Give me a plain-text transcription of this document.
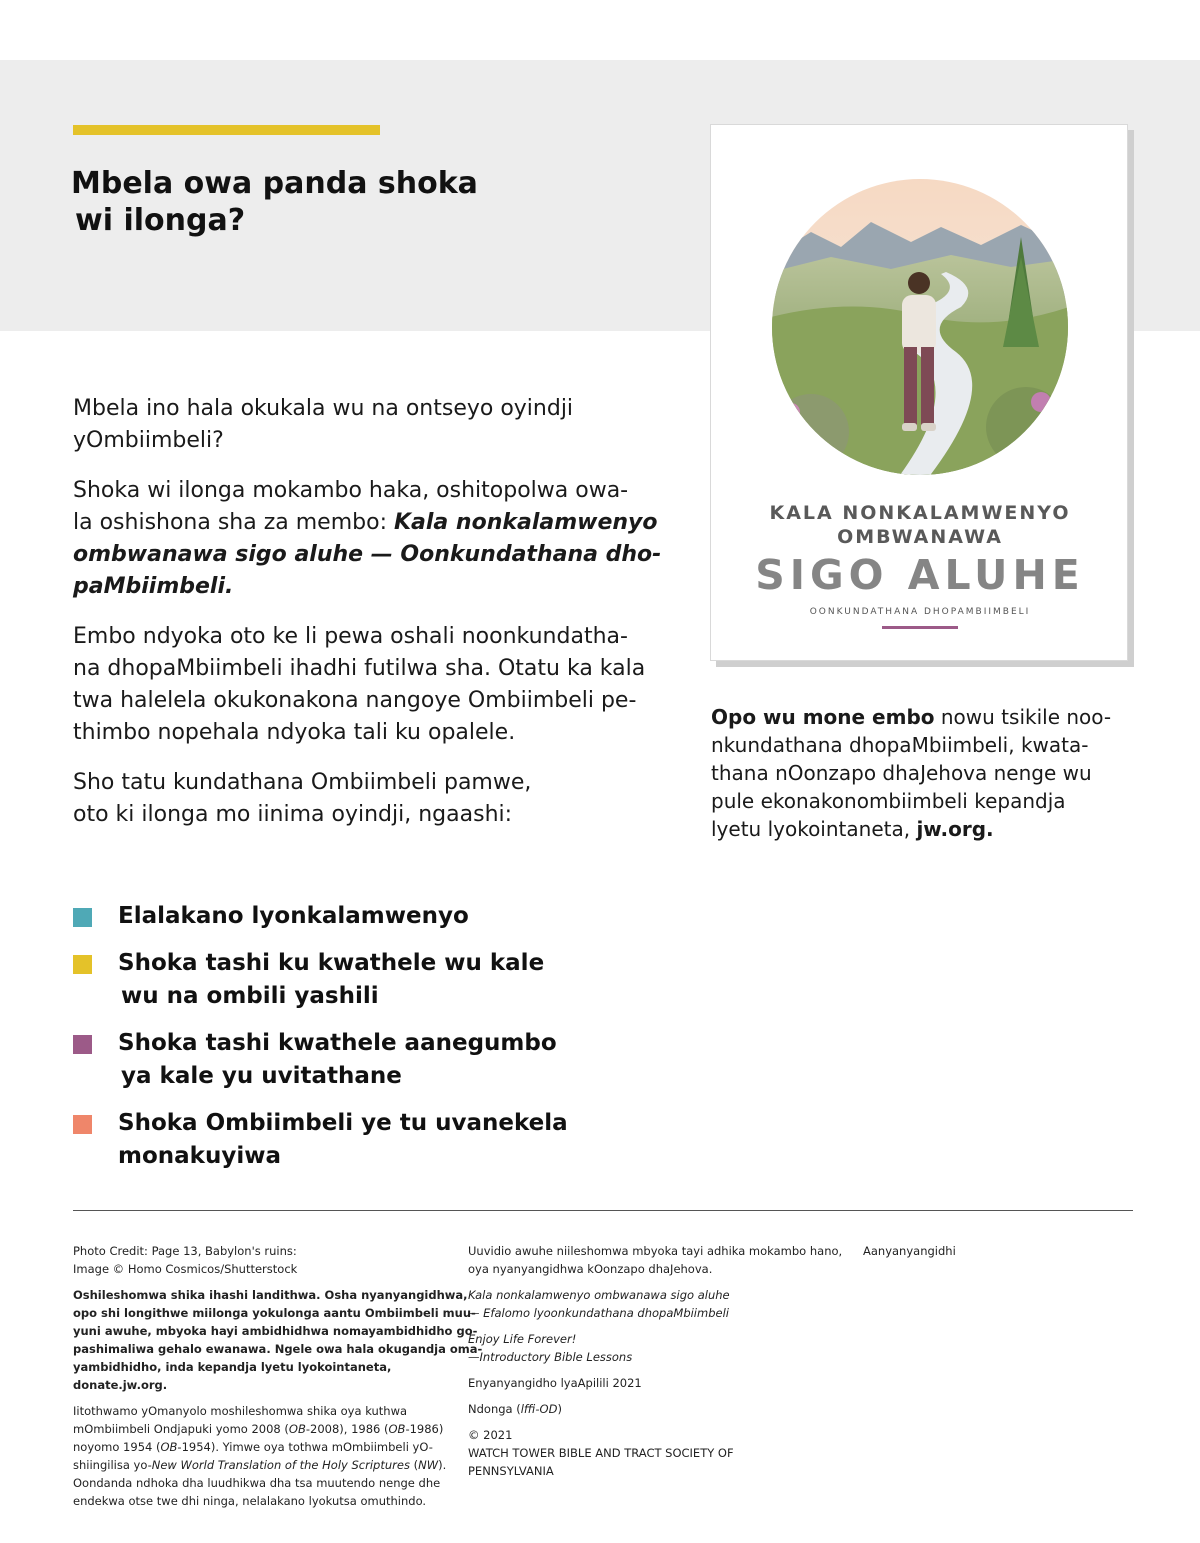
Mbela owa panda shoka
wi ilonga?

Mbela ino hala okukala wu na ontseyo oyindji
yOmbiimbeli?

Shoka wi ilonga mokambo haka, oshitopolwa owa-
la oshishona sha za membo: Kala nonkalamwenyo
ombwanawa sigo aluhe — Oonkundathana dho-
paMbiimbeli.

Embo ndyoka oto ke li pewa oshali noonkundatha-
na dhopaMbiimbeli ihadhi futilwa sha. Otatu ka kala
twa halelela okukonakona nangoye Ombiimbeli pe-
thimbo nopehala ndyoka tali ku opalele.

Sho tatu kundathana Ombiimbeli pamwe,
oto ki ilonga mo iinima oyindji, ngaashi:

Elalakano lyonkalamwenyo
Shoka tashi ku kwathele wu kale
wu na ombili yashili
Shoka tashi kwathele aanegumbo
ya kale yu uvitathane
Shoka Ombiimbeli ye tu uvanekela
monakuyiwa
KALA NONKALAMWENYO
OMBWANAWA
SIGO ALUHE
OONKUNDATHANA DHOPAMBIIMBELI
Opo wu mone embo nowu tsikile noo-
nkundathana dhopaMbiimbeli, kwata-
thana nOonzapo dhaJehova nenge wu
pule ekonakonombiimbeli kepandja
lyetu lyokointaneta, jw.org.

Photo Credit: Page 13, Babylon's ruins:
Image © Homo Cosmicos/Shutterstock

Oshileshomwa shika ihashi landithwa. Osha nyanyangidhwa,
opo shi longithwe miilonga yokulonga aantu Ombiimbeli muu-
yuni awuhe, mbyoka hayi ambidhidhwa nomayambidhidho go-
pashimaliwa gehalo ewanawa. Ngele owa hala okugandja oma-
yambidhidho, inda kepandja lyetu lyokointaneta,
donate.jw.org.

Iitothwamo yOmanyolo moshileshomwa shika oya kuthwa
mOmbiimbeli Ondjapuki yomo 2008 (OB-2008), 1986 (OB-1986)
noyomo 1954 (OB-1954). Yimwe oya tothwa mOmbiimbeli yO-
shiingilisa yo-New World Translation of the Holy Scriptures (NW).
Oondanda ndhoka dha luudhikwa dha tsa muutendo nenge dhe
endekwa otse twe dhi ninga, nelalakano lyokutsa omuthindo.

Uuvidio awuhe niileshomwa mbyoka tayi adhika mokambo hano,
oya nyanyangidhwa kOonzapo dhaJehova.

Kala nonkalamwenyo ombwanawa sigo aluhe
— Efalomo lyoonkundathana dhopaMbiimbeli

Enjoy Life Forever!
—Introductory Bible Lessons

Enyanyangidho lyaApilili 2021

Ndonga (lffi-OD)

© 2021
WATCH TOWER BIBLE AND TRACT SOCIETY OF
PENNSYLVANIA

Aanyanyangidhi
